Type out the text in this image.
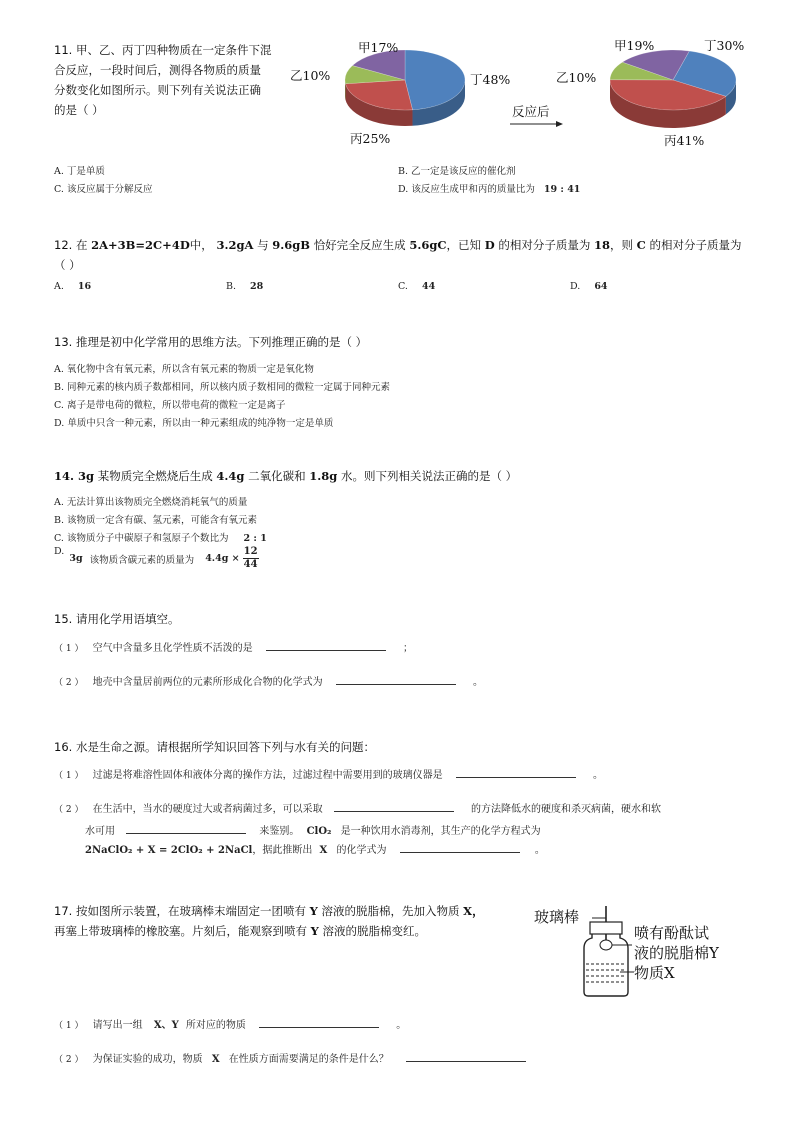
11. 甲、乙、丙丁四种物质在一定条件下混
合反应，一段时间后，测得各物质的质量
分数变化如图所示。则下列有关说法正确
的是（ ）
丁48%
丙25%
乙10%
甲17%	丁30%
丙41%
乙10%
甲19%
反应后
A. 丁是单质	B. 乙一定是该反应的催化剂
C. 该反应属于分解反应	D. 该反应生成甲和丙的质量比为 19 : 41
12. 在 2A+3B=2C+4D中， 3.2gA 与 9.6gB 恰好完全反应生成 5.6gC，已知 D 的相对分子质量为 18，则 C 的相对分子质量为
（ ）
A. 16	B. 28	C. 44	D. 64
13. 推理是初中化学常用的思维方法。下列推理正确的是（ ）
A. 氧化物中含有氧元素，所以含有氧元素的物质一定是氧化物
B. 同种元素的核内质子数都相同，所以核内质子数相同的微粒一定属于同种元素
C. 离子是带电荷的微粒，所以带电荷的微粒一定是离子
D. 单质中只含一种元素，所以由一种元素组成的纯净物一定是单质
14. 3g 某物质完全燃烧后生成 4.4g 二氧化碳和 1.8g 水。则下列相关说法正确的是（ ）
A. 无法计算出该物质完全燃烧消耗氧气的质量
B. 该物质一定含有碳、氢元素，可能含有氧元素
C. 该物质分子中碳原子和氢原子个数比为 2 : 1
D. 3g 该物质含碳元素的质量为 $4.4g \times \frac{12}{44}$
15. 请用化学用语填空。
（ 1 ） 空气中含量多且化学性质不活泼的是	；
（ 2 ） 地壳中含量居前两位的元素所形成化合物的化学式为	。
16. 水是生命之源。请根据所学知识回答下列与水有关的问题：
（ 1 ） 过滤是将难溶性固体和液体分离的操作方法，过滤过程中需要用到的玻璃仪器是	。
（ 2 ） 在生活中，当水的硬度过大或者病菌过多，可以采取	的方法降低水的硬度和杀灭病菌，硬水和软
水可用	来鉴别。 ClO₂ 是一种饮用水消毒剂，其生产的化学方程式为
2NaClO₂ + X = 2ClO₂ + 2NaCl，据此推断出 X 的化学式为	。
17. 按如图所示装置，在玻璃棒末端固定一团喷有 Y 溶液的脱脂棉，先加入物质 X，
再塞上带玻璃棒的橡胶塞。片刻后，能观察到喷有 Y 溶液的脱脂棉变红。
玻璃棒
喷有酚酞试
液的脱脂棉Y
物质X
（ 1 ） 请写出一组 X、Y 所对应的物质	。
（ 2 ） 为保证实验的成功，物质 X 在性质方面需要满足的条件是什么？
